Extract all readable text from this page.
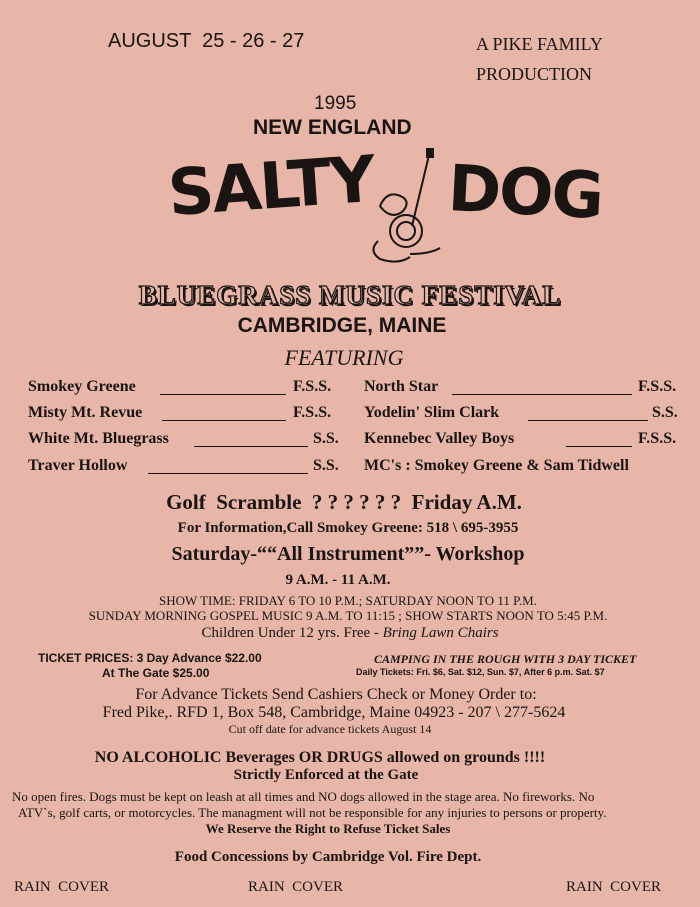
AUGUST  25 - 26 - 27	A PIKE FAMILY
PRODUCTION
1995
NEW ENGLAND
SALTY DOG
BLUEGRASS MUSIC FESTIVAL
CAMBRIDGE, MAINE
FEATURING
Smokey Greene	F.S.S.
Misty Mt. Revue	F.S.S.
White Mt. Bluegrass	S.S.
Traver Hollow	S.S.
North Star	F.S.S.
Yodelin' Slim Clark	S.S.
Kennebec Valley Boys	F.S.S.
MC's : Smokey Greene & Sam Tidwell
Golf  Scramble  ? ? ? ? ? ?  Friday A.M.
For Information,Call Smokey Greene: 518 \ 695-3955
Saturday-““All Instrument””- Workshop
9 A.M. - 11 A.M.
SHOW TIME: FRIDAY 6 TO 10 P.M.; SATURDAY NOON TO 11 P.M.
SUNDAY MORNING GOSPEL MUSIC 9 A.M. TO 11:15 ; SHOW STARTS NOON TO 5:45 P.M.
Children Under 12 yrs. Free - Bring Lawn Chairs
TICKET PRICES: 3 Day Advance $22.00
At The Gate $25.00
CAMPING IN THE ROUGH WITH 3 DAY TICKET
Daily Tickets: Fri. $6, Sat. $12, Sun. $7, After 6 p.m. Sat. $7
For Advance Tickets Send Cashiers Check or Money Order to:
Fred Pike,. RFD 1, Box 548, Cambridge, Maine 04923 - 207 \ 277-5624
Cut off date for advance tickets August 14
NO ALCOHOLIC Beverages OR DRUGS allowed on grounds !!!!
Strictly Enforced at the Gate
No open fires. Dogs must be kept on leash at all times and NO dogs allowed in the stage area. No fireworks. No
ATV`s, golf carts, or motorcycles. The managment will not be responsible for any injuries to persons or property.
We Reserve the Right to Refuse Ticket Sales
Food Concessions by Cambridge Vol. Fire Dept.
RAIN  COVER	RAIN  COVER	RAIN  COVER
